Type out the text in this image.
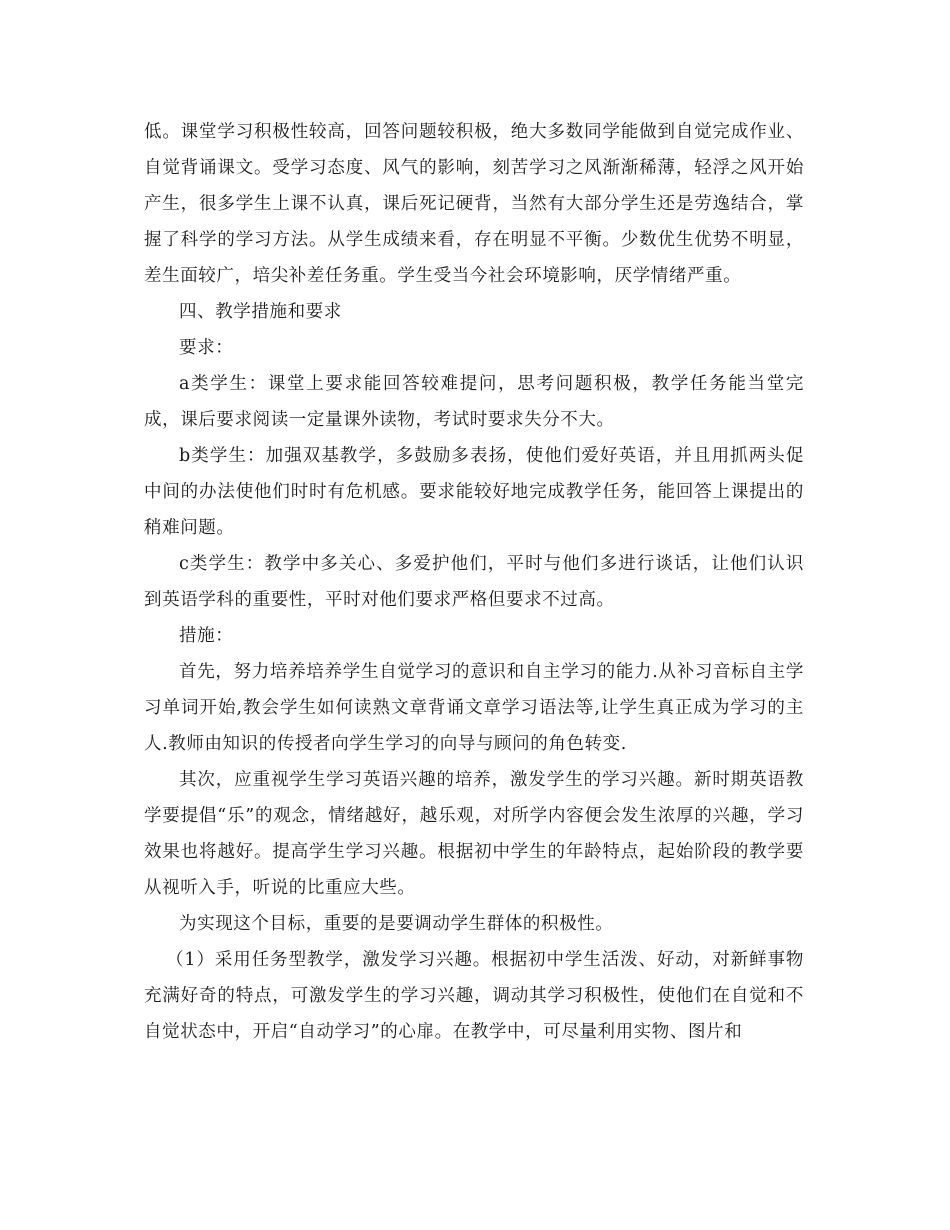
低。课堂学习积极性较高，回答问题较积极，绝大多数同学能做到自觉完成作业、自觉背诵课文。受学习态度、风气的影响，刻苦学习之风渐渐稀薄，轻浮之风开始产生，很多学生上课不认真，课后死记硬背，当然有大部分学生还是劳逸结合，掌握了科学的学习方法。从学生成绩来看，存在明显不平衡。少数优生优势不明显，差生面较广，培尖补差任务重。学生受当今社会环境影响，厌学情绪严重。

四、教学措施和要求

要求：

a类学生：课堂上要求能回答较难提问，思考问题积极，教学任务能当堂完成，课后要求阅读一定量课外读物，考试时要求失分不大。

b类学生：加强双基教学，多鼓励多表扬，使他们爱好英语，并且用抓两头促中间的办法使他们时时有危机感。要求能较好地完成教学任务，能回答上课提出的稍难问题。

c类学生：教学中多关心、多爱护他们，平时与他们多进行谈话，让他们认识到英语学科的重要性，平时对他们要求严格但要求不过高。

措施：

首先，努力培养培养学生自觉学习的意识和自主学习的能力.从补习音标自主学习单词开始,教会学生如何读熟文章背诵文章学习语法等,让学生真正成为学习的主人.教师由知识的传授者向学生学习的向导与顾问的角色转变.

其次，应重视学生学习英语兴趣的培养，激发学生的学习兴趣。新时期英语教学要提倡“乐”的观念，情绪越好，越乐观，对所学内容便会发生浓厚的兴趣，学习效果也将越好。提高学生学习兴趣。根据初中学生的年龄特点，起始阶段的教学要从视听入手，听说的比重应大些。

为实现这个目标，重要的是要调动学生群体的积极性。

（1）采用任务型教学，激发学习兴趣。根据初中学生活泼、好动，对新鲜事物充满好奇的特点，可激发学生的学习兴趣，调动其学习积极性，使他们在自觉和不自觉状态中，开启“自动学习”的心扉。在教学中，可尽量利用实物、图片和
